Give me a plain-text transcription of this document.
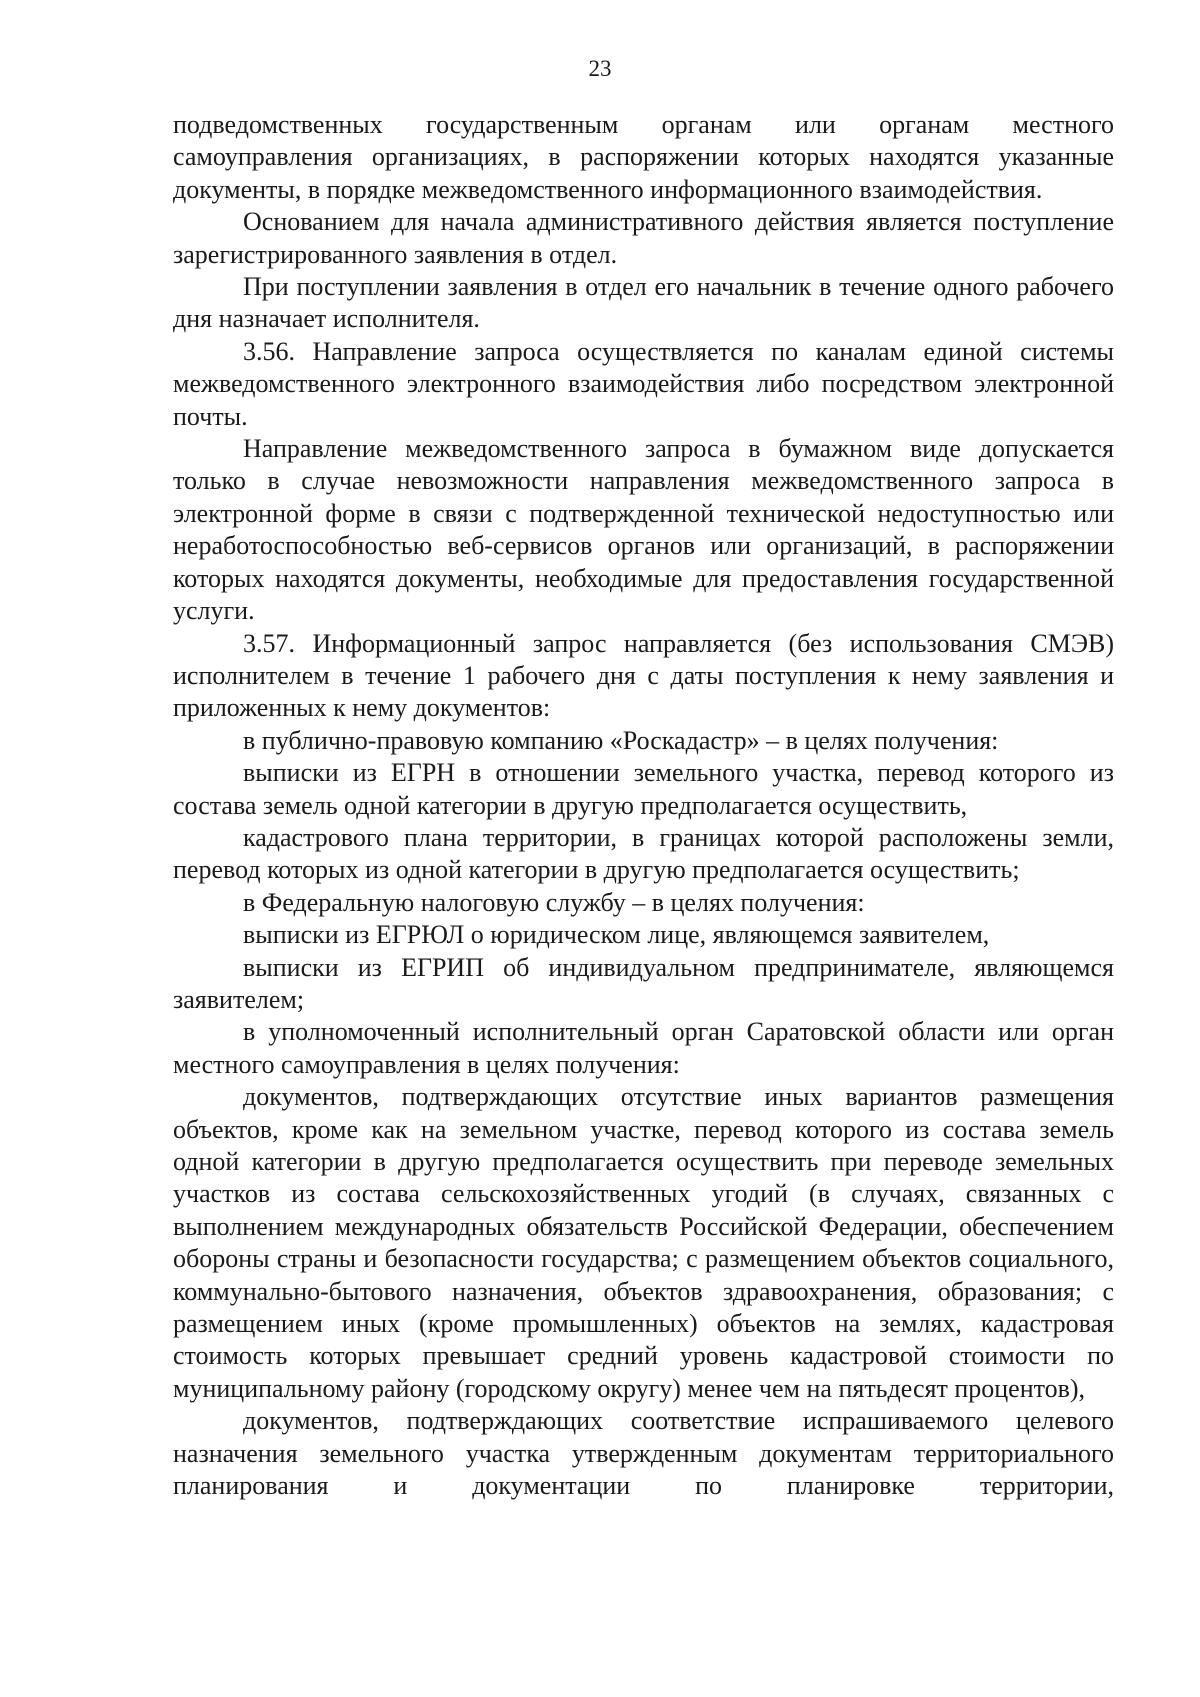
23

подведомственных государственным органам или органам местного самоуправления организациях, в распоряжении которых находятся указанные документы, в порядке межведомственного информационного взаимодействия.

Основанием для начала административного действия является поступление зарегистрированного заявления в отдел.

При поступлении заявления в отдел его начальник в течение одного рабочего дня назначает исполнителя.

3.56. Направление запроса осуществляется по каналам единой системы межведомственного электронного взаимодействия либо посредством электронной почты.

Направление межведомственного запроса в бумажном виде допускается только в случае невозможности направления межведомственного запроса в электронной форме в связи с подтвержденной технической недоступностью или неработоспособностью веб-сервисов органов или организаций, в распоряжении которых находятся документы, необходимые для предоставления государственной услуги.

3.57. Информационный запрос направляется (без использования СМЭВ) исполнителем в течение 1 рабочего дня с даты поступления к нему заявления и приложенных к нему документов:

в публично-правовую компанию «Роскадастр» – в целях получения:

выписки из ЕГРН в отношении земельного участка, перевод которого из состава земель одной категории в другую предполагается осуществить,

кадастрового плана территории, в границах которой расположены земли, перевод которых из одной категории в другую предполагается осуществить;

в Федеральную налоговую службу – в целях получения:

выписки из ЕГРЮЛ о юридическом лице, являющемся заявителем,

выписки из ЕГРИП об индивидуальном предпринимателе, являющемся заявителем;

в уполномоченный исполнительный орган Саратовской области или орган местного самоуправления в целях получения:

документов, подтверждающих отсутствие иных вариантов размещения объектов, кроме как на земельном участке, перевод которого из состава земель одной категории в другую предполагается осуществить при переводе земельных участков из состава сельскохозяйственных угодий (в случаях, связанных с выполнением международных обязательств Российской Федерации, обеспечением обороны страны и безопасности государства; с размещением объектов социального, коммунально-бытового назначения, объектов здравоохранения, образования; с размещением иных (кроме промышленных) объектов на землях, кадастровая стоимость которых превышает средний уровень кадастровой стоимости по муниципальному району (городскому округу) менее чем на пятьдесят процентов),

документов, подтверждающих соответствие испрашиваемого целевого назначения земельного участка утвержденным документам территориального планирования и документации по планировке территории,
